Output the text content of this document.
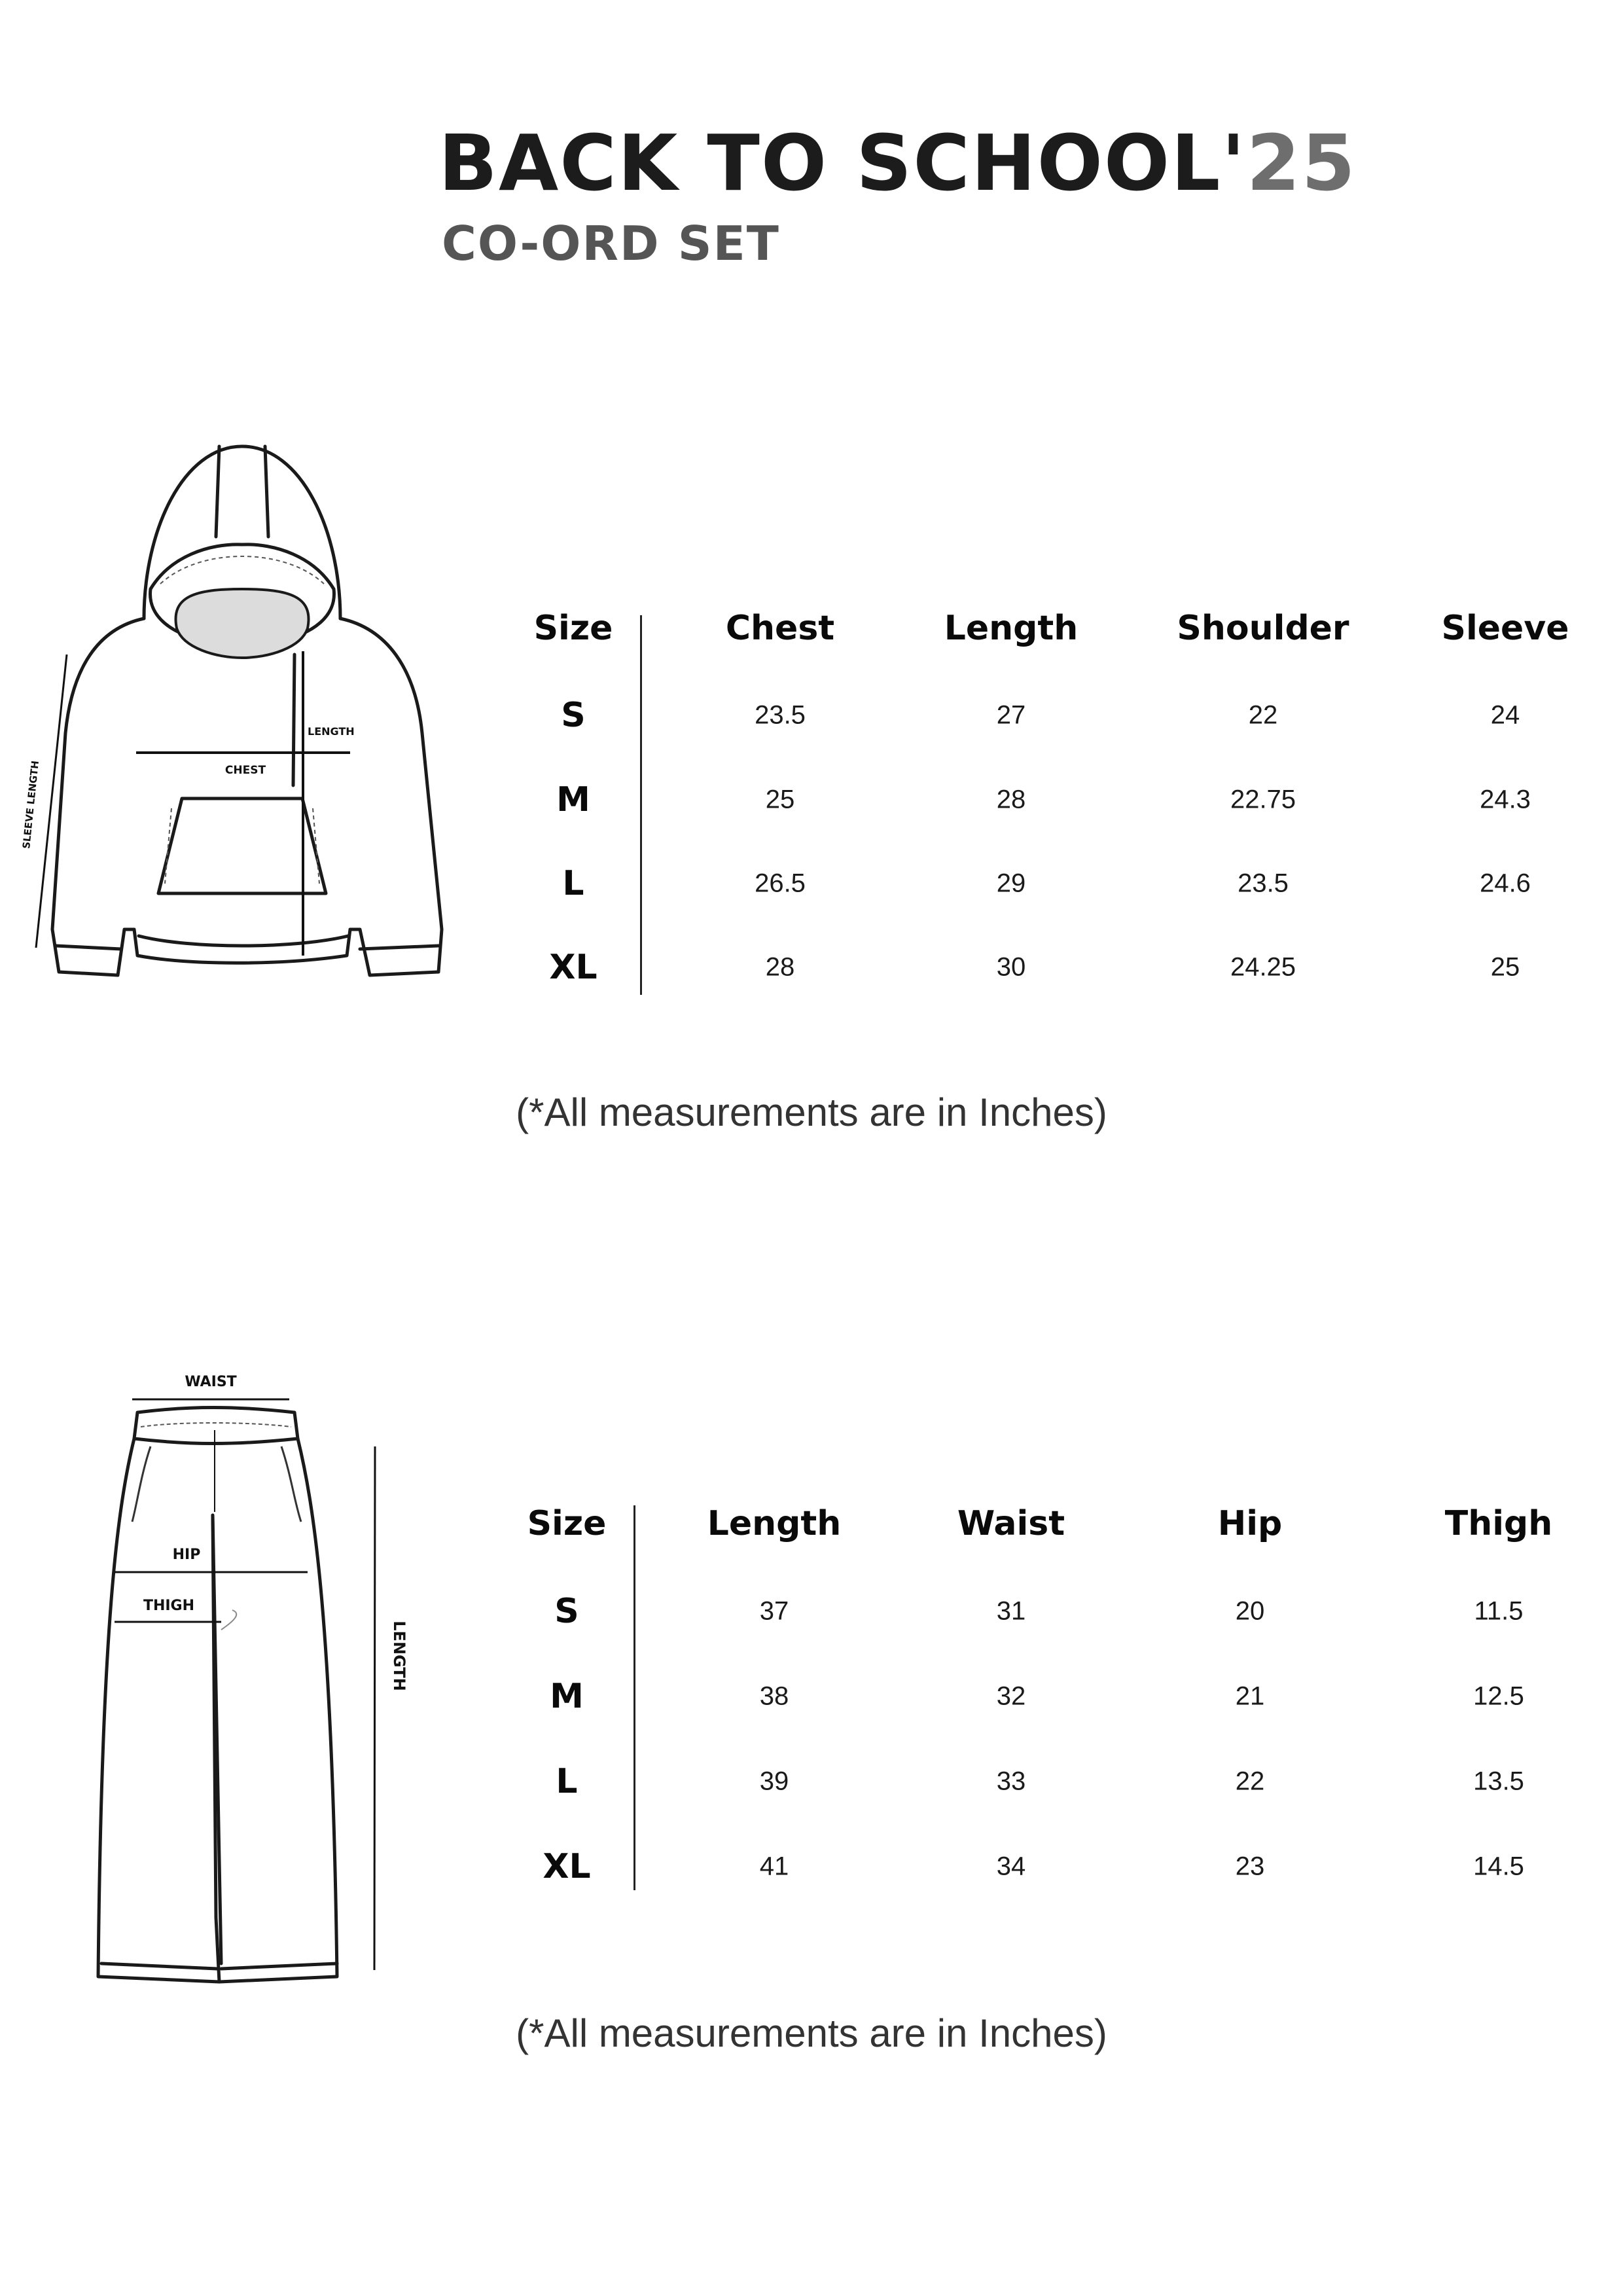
BACK TO SCHOOL'25
CO-ORD SET
CHEST
LENGTH
SLEEVE LENGTH
Size	Chest	Length	Shoulder	Sleeve
S	23.5	27	22	24
M	25	28	22.75	24.3
L	26.5	29	23.5	24.6
XL	28	30	24.25	25
(*All measurements are in Inches)
WAIST
HIP
THIGH
LENGTH
Size	Length	Waist	Hip	Thigh
S	37	31	20	11.5
M	38	32	21	12.5
L	39	33	22	13.5
XL	41	34	23	14.5
(*All measurements are in Inches)
